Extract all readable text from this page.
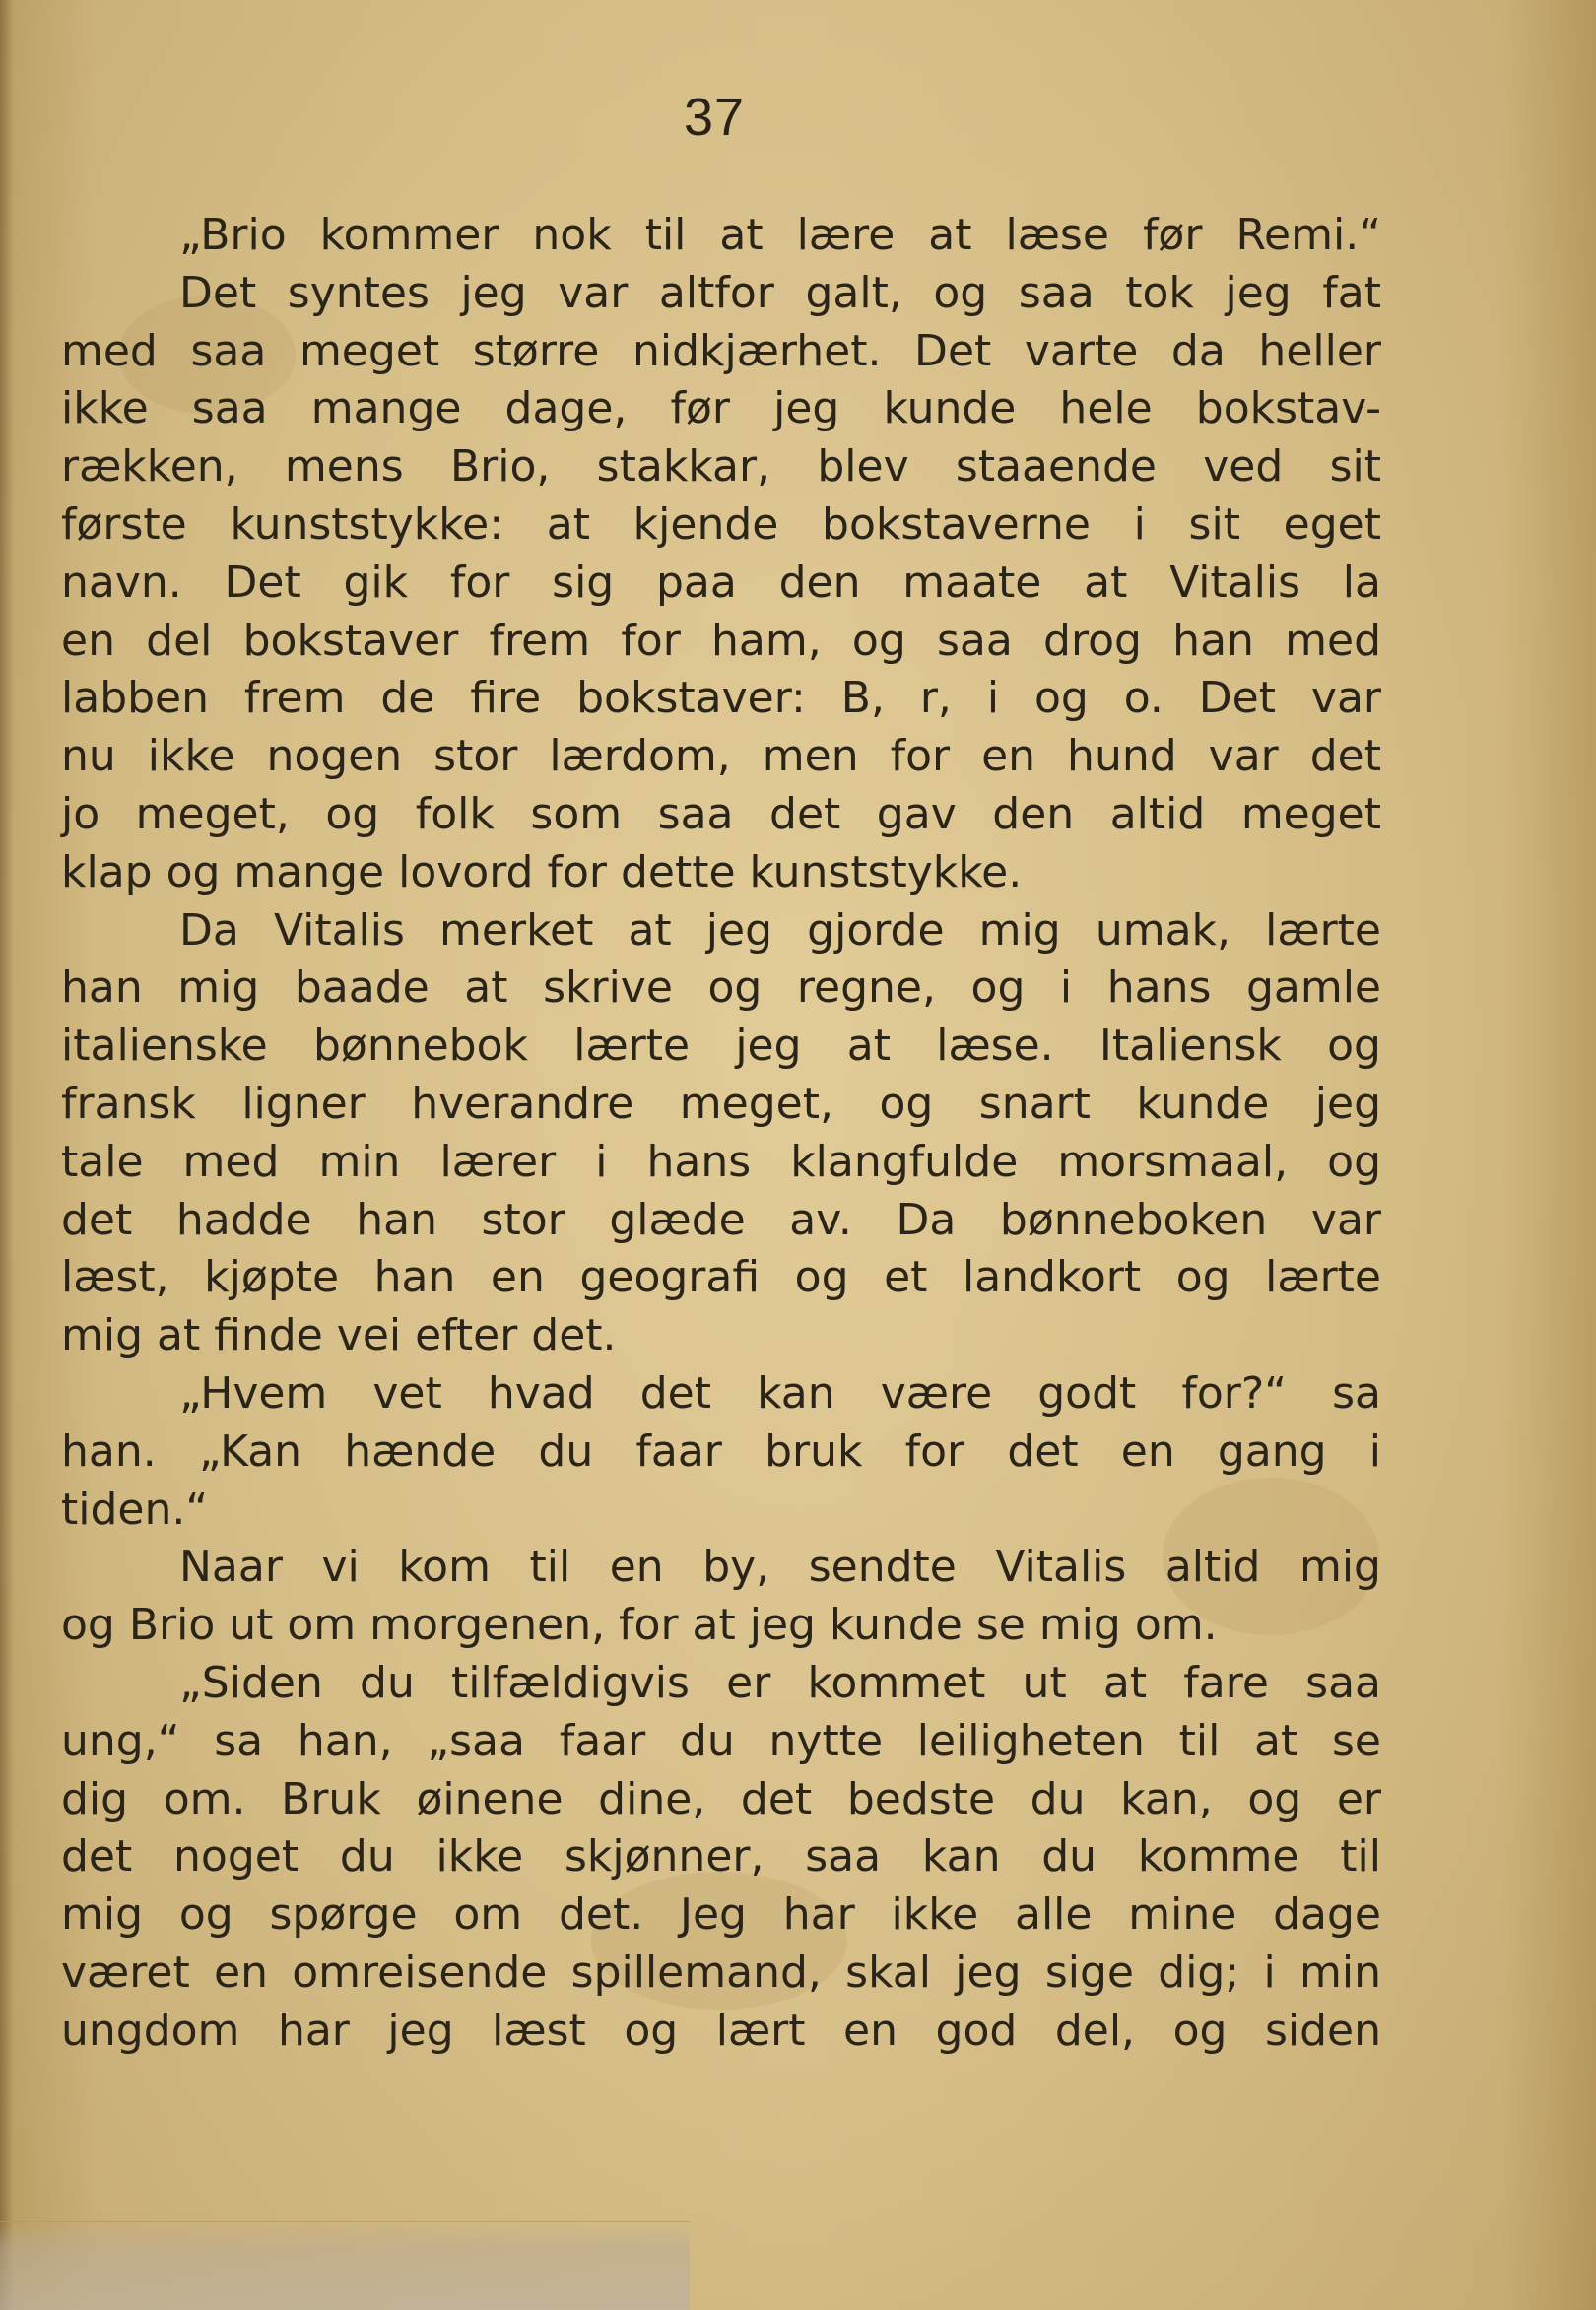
37
„Brio kommer nok til at lære at læse før Remi.“
Det syntes jeg var altfor galt, og saa tok jeg fat
med saa meget større nidkjærhet. Det varte da heller
ikke saa mange dage, før jeg kunde hele bokstav-
rækken, mens Brio, stakkar, blev staaende ved sit
første kunststykke: at kjende bokstaverne i sit eget
navn. Det gik for sig paa den maate at Vitalis la
en del bokstaver frem for ham, og saa drog han med
labben frem de fire bokstaver: B, r, i og o. Det var
nu ikke nogen stor lærdom, men for en hund var det
jo meget, og folk som saa det gav den altid meget
klap og mange lovord for dette kunststykke.
Da Vitalis merket at jeg gjorde mig umak, lærte
han mig baade at skrive og regne, og i hans gamle
italienske bønnebok lærte jeg at læse. Italiensk og
fransk ligner hverandre meget, og snart kunde jeg
tale med min lærer i hans klangfulde morsmaal, og
det hadde han stor glæde av. Da bønneboken var
læst, kjøpte han en geografi og et landkort og lærte
mig at finde vei efter det.
„Hvem vet hvad det kan være godt for?“ sa
han. „Kan hænde du faar bruk for det en gang i
tiden.“
Naar vi kom til en by, sendte Vitalis altid mig
og Brio ut om morgenen, for at jeg kunde se mig om.
„Siden du tilfældigvis er kommet ut at fare saa
ung,“ sa han, „saa faar du nytte leiligheten til at se
dig om. Bruk øinene dine, det bedste du kan, og er
det noget du ikke skjønner, saa kan du komme til
mig og spørge om det. Jeg har ikke alle mine dage
været en omreisende spillemand, skal jeg sige dig; i min
ungdom har jeg læst og lært en god del, og siden
